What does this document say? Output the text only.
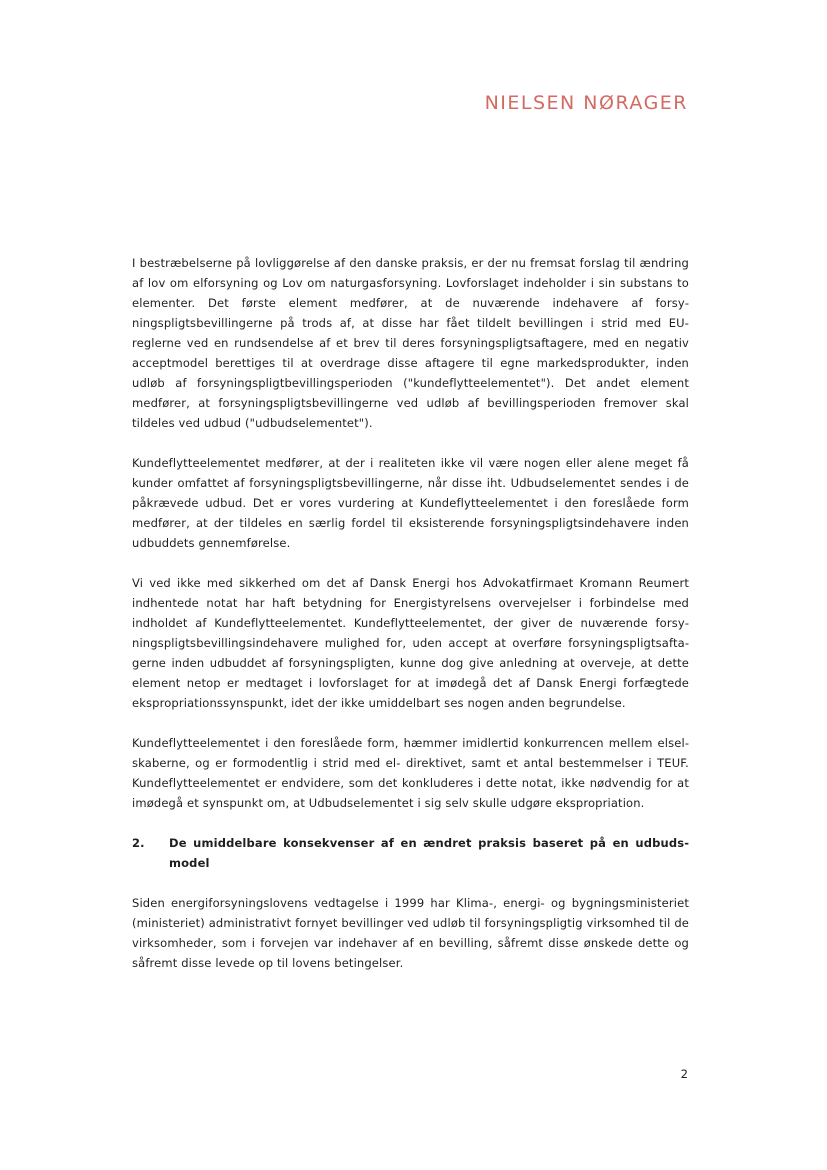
NIELSEN NØRAGER

I bestræbelserne på lovliggørelse af den danske praksis, er der nu fremsat forslag til ændring af lov om elforsyning og Lov om naturgasforsyning. Lovforslaget indeholder i sin substans to elementer. Det første element medfører, at de nuværende indehavere af forsyningspligtsbevillingerne på trods af, at disse har fået tildelt bevillingen i strid med EU-reglerne ved en rundsendelse af et brev til deres forsyningspligtsaftagere, med en negativ acceptmodel berettiges til at overdrage disse aftagere til egne markedsprodukter, inden udløb af forsyningspligtbevillingsperioden ("kundeflytteelementet"). Det andet element medfører, at forsyningspligtsbevillingerne ved udløb af bevillingsperioden fremover skal tildeles ved udbud ("udbudselementet").

Kundeflytteelementet medfører, at der i realiteten ikke vil være nogen eller alene meget få kunder omfattet af forsyningspligtsbevillingerne, når disse iht. Udbudselementet sendes i de påkrævede udbud. Det er vores vurdering at Kundeflytteelementet i den foreslåede form medfører, at der tildeles en særlig fordel til eksisterende forsyningspligtsindehavere inden udbuddets gennemførelse.

Vi ved ikke med sikkerhed om det af Dansk Energi hos Advokatfirmaet Kromann Reumert indhentede notat har haft betydning for Energistyrelsens overvejelser i forbindelse med indholdet af Kundeflytteelementet. Kundeflytteelementet, der giver de nuværende forsyningspligtsbevillingsindehavere mulighed for, uden accept at overføre forsyningspligtsaftagerne inden udbuddet af forsyningspligten, kunne dog give anledning at overveje, at dette element netop er medtaget i lovforslaget for at imødegå det af Dansk Energi forfægtede ekspropriationssynspunkt, idet der ikke umiddelbart ses nogen anden begrundelse.

Kundeflytteelementet i den foreslåede form, hæmmer imidlertid konkurrencen mellem elselskaberne, og er formodentlig i strid med el- direktivet, samt et antal bestemmelser i TEUF. Kundeflytteelementet er endvidere, som det konkluderes i dette notat, ikke nødvendig for at imødegå et synspunkt om, at Udbudselementet i sig selv skulle udgøre ekspropriation.

2.	De umiddelbare konsekvenser af en ændret praksis baseret på en udbudsmodel

Siden energiforsyningslovens vedtagelse i 1999 har Klima-, energi- og bygningsministeriet (ministeriet) administrativt fornyet bevillinger ved udløb til forsyningspligtig virksomhed til de virksomheder, som i forvejen var indehaver af en bevilling, såfremt disse ønskede dette og såfremt disse levede op til lovens betingelser.

2
